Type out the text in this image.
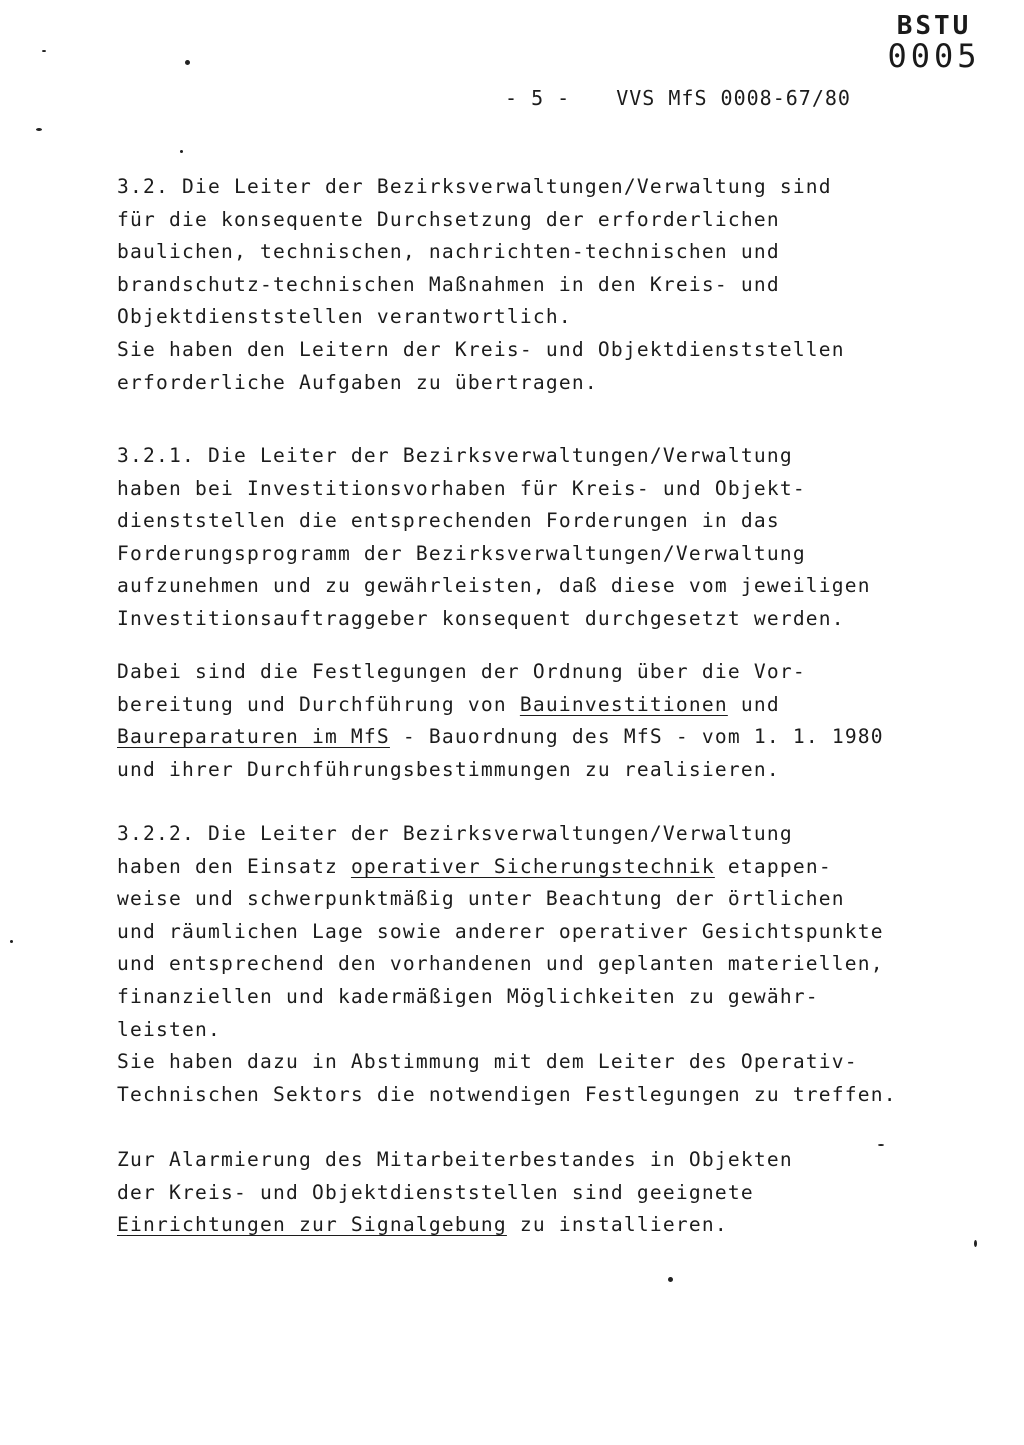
BSTU
0005
- 5 - VVS MfS 0008-67/80
3.2. Die Leiter der Bezirksverwaltungen/Verwaltung sind
für die konsequente Durchsetzung der erforderlichen
baulichen, technischen, nachrichten-technischen und
brandschutz-technischen Maßnahmen in den Kreis- und
Objektdienststellen verantwortlich.
Sie haben den Leitern der Kreis- und Objektdienststellen
erforderliche Aufgaben zu übertragen.
3.2.1. Die Leiter der Bezirksverwaltungen/Verwaltung
haben bei Investitionsvorhaben für Kreis- und Objekt-
dienststellen die entsprechenden Forderungen in das
Forderungsprogramm der Bezirksverwaltungen/Verwaltung
aufzunehmen und zu gewährleisten, daß diese vom jeweiligen
Investitionsauftraggeber konsequent durchgesetzt werden.
Dabei sind die Festlegungen der Ordnung über die Vor-
bereitung und Durchführung von Bauinvestitionen und
Baureparaturen im MfS - Bauordnung des MfS - vom 1. 1. 1980
und ihrer Durchführungsbestimmungen zu realisieren.
3.2.2. Die Leiter der Bezirksverwaltungen/Verwaltung
haben den Einsatz operativer Sicherungstechnik etappen-
weise und schwerpunktmäßig unter Beachtung der örtlichen
und räumlichen Lage sowie anderer operativer Gesichtspunkte
und entsprechend den vorhandenen und geplanten materiellen,
finanziellen und kadermäßigen Möglichkeiten zu gewähr-
leisten.
Sie haben dazu in Abstimmung mit dem Leiter des Operativ-
Technischen Sektors die notwendigen Festlegungen zu treffen.
Zur Alarmierung des Mitarbeiterbestandes in Objekten
der Kreis- und Objektdienststellen sind geeignete
Einrichtungen zur Signalgebung zu installieren.
